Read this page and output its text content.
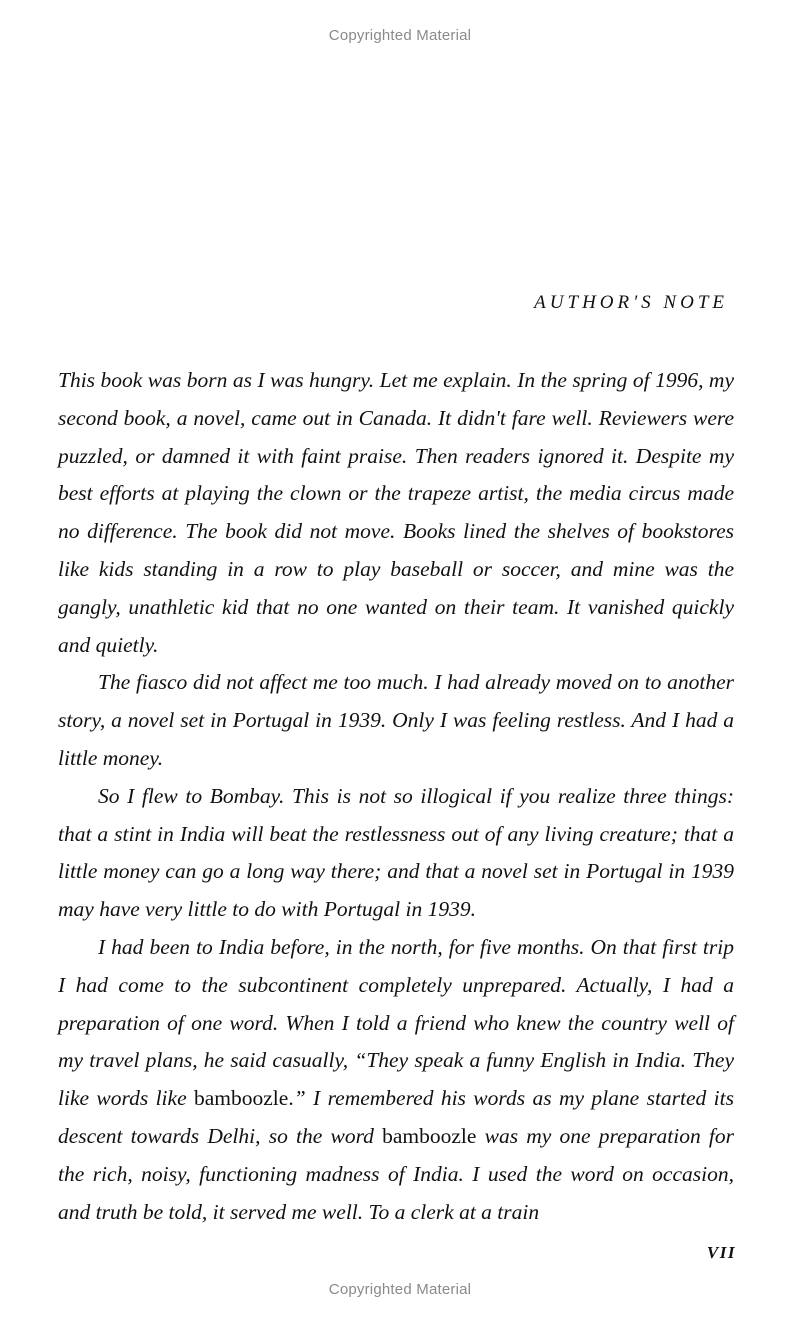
Copyrighted Material
AUTHOR'S NOTE

This book was born as I was hungry. Let me explain. In the spring of 1996, my second book, a novel, came out in Canada. It didn't fare well. Reviewers were puzzled, or damned it with faint praise. Then readers ignored it. Despite my best efforts at playing the clown or the trapeze artist, the media circus made no difference. The book did not move. Books lined the shelves of bookstores like kids standing in a row to play baseball or soccer, and mine was the gangly, unathletic kid that no one wanted on their team. It vanished quickly and quietly.

The fiasco did not affect me too much. I had already moved on to another story, a novel set in Portugal in 1939. Only I was feeling restless. And I had a little money.

So I flew to Bombay. This is not so illogical if you realize three things: that a stint in India will beat the restlessness out of any living creature; that a little money can go a long way there; and that a novel set in Portugal in 1939 may have very little to do with Portugal in 1939.

I had been to India before, in the north, for five months. On that first trip I had come to the subcontinent completely unprepared. Actually, I had a preparation of one word. When I told a friend who knew the country well of my travel plans, he said casually, “They speak a funny English in India. They like words like bamboozle.” I remembered his words as my plane started its descent towards Delhi, so the word bamboozle was my one preparation for the rich, noisy, functioning madness of India. I used the word on occasion, and truth be told, it served me well. To a clerk at a train

VII
Copyrighted Material
